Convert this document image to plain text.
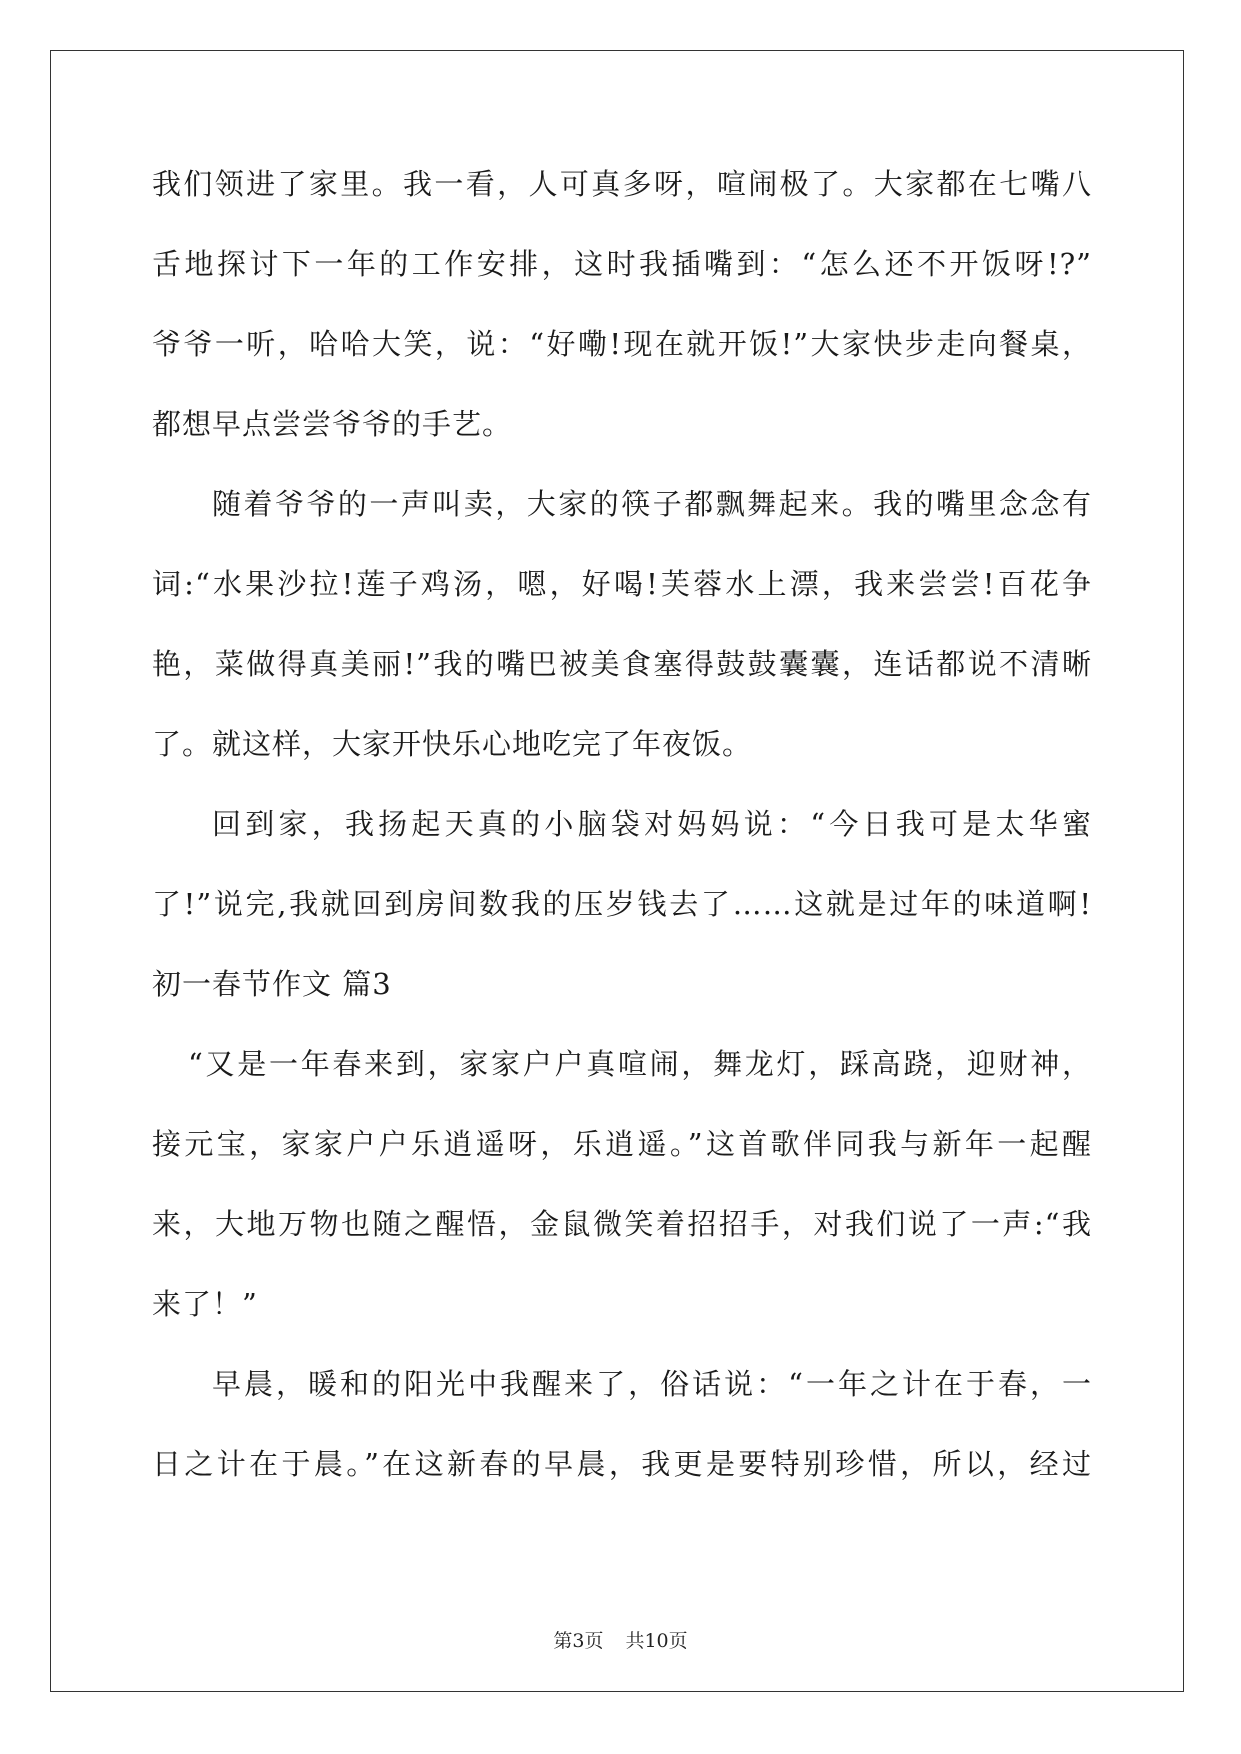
我们领进了家里。我一看，人可真多呀，喧闹极了。大家都在七嘴八
舌地探讨下一年的工作安排，这时我插嘴到：“怎么还不开饭呀!?”
爷爷一听，哈哈大笑，说：“好嘞!现在就开饭!”大家快步走向餐桌，
都想早点尝尝爷爷的手艺。
随着爷爷的一声叫卖，大家的筷子都飘舞起来。我的嘴里念念有
词:“水果沙拉!莲子鸡汤，嗯，好喝!芙蓉水上漂，我来尝尝!百花争
艳，菜做得真美丽!”我的嘴巴被美食塞得鼓鼓囊囊，连话都说不清晰
了。就这样，大家开快乐心地吃完了年夜饭。
回到家，我扬起天真的小脑袋对妈妈说：“今日我可是太华蜜
了!”说完,我就回到房间数我的压岁钱去了……这就是过年的味道啊!
初一春节作文 篇3
“又是一年春来到，家家户户真喧闹，舞龙灯，踩高跷，迎财神，
接元宝，家家户户乐逍遥呀，乐逍遥。”这首歌伴同我与新年一起醒
来，大地万物也随之醒悟，金鼠微笑着招招手，对我们说了一声:“我
来了！”
早晨，暖和的阳光中我醒来了，俗话说：“一年之计在于春，一
日之计在于晨。”在这新春的早晨，我更是要特别珍惜，所以，经过
第3页 共10页
